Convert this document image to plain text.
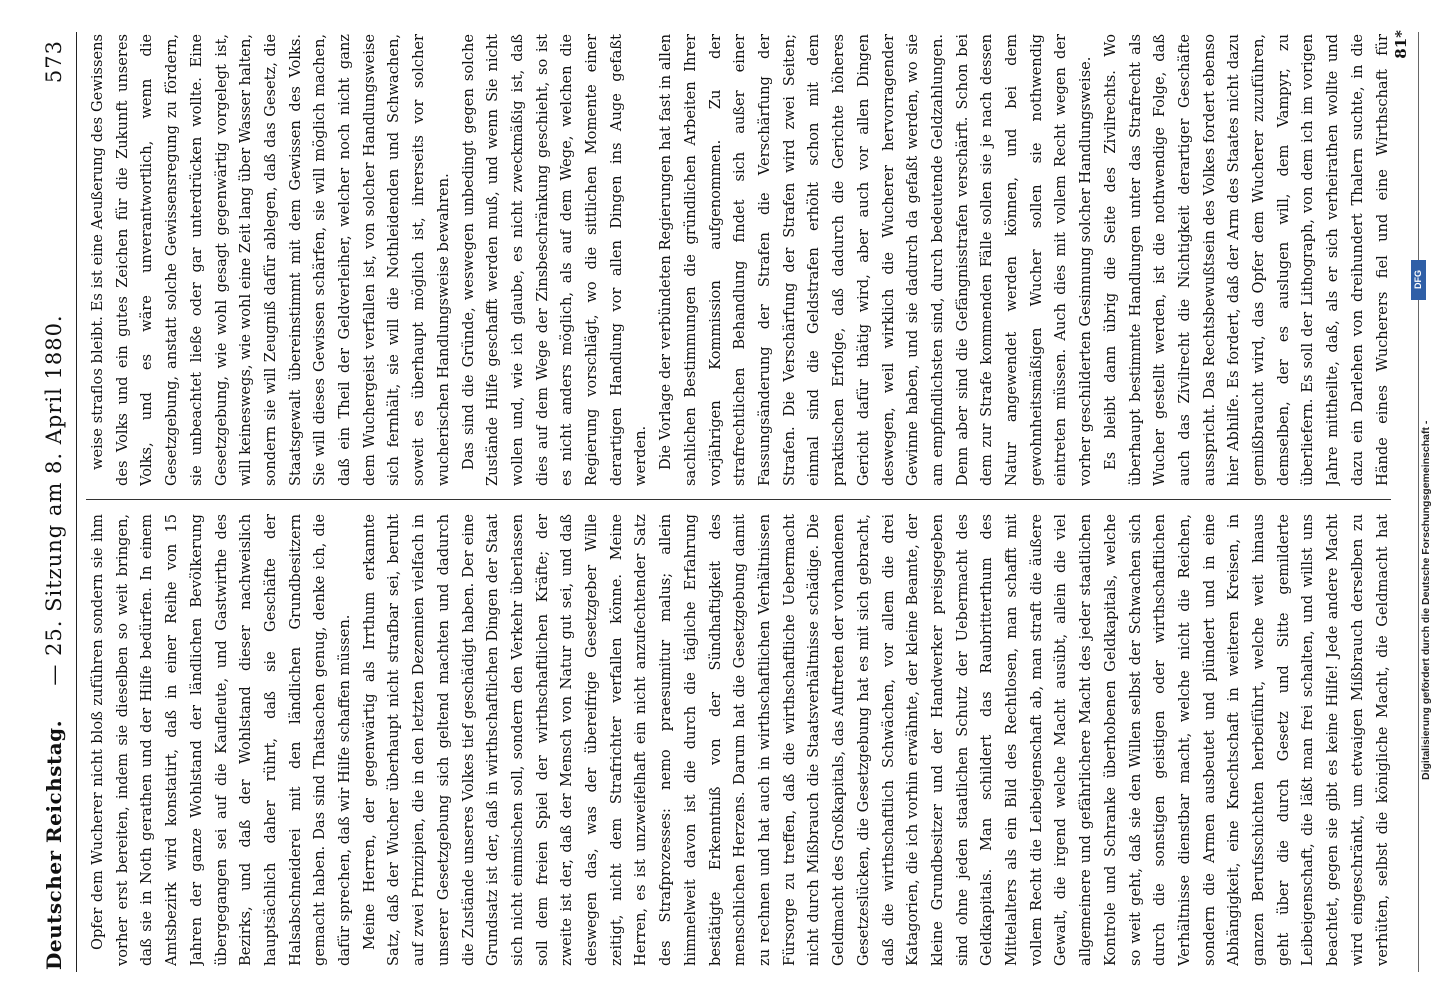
Deutscher Reichstag.
— 25. Sitzung am 8. April 1880.
573

Opfer dem Wucherer nicht bloß zuführen sondern sie ihm vorher erst bereiten, indem sie dieselben so weit bringen, daß sie in Noth gerathen und der Hilfe bedürfen. In einem Amtsbezirk wird konstatirt, daß in einer Reihe von 15 Jahren der ganze Wohlstand der ländlichen Bevölkerung übergegangen sei auf die Kaufleute, und Gastwirthe des Bezirks, und daß der Wohlstand dieser nachweislich hauptsächlich daher rührt, daß sie Geschäfte der Halsabschneiderei mit den ländlichen Grundbesitzern gemacht haben. Das sind Thatsachen genug, denke ich, die dafür sprechen, daß wir Hilfe schaffen müssen. Meine Herren, der gegenwärtig als Irrthum erkannte Satz, daß der Wucher überhaupt nicht strafbar sei, beruht auf zwei Prinzipien, die in den letzten Dezennien vielfach in unserer Gesetzgebung sich geltend machten und dadurch die Zustände unseres Volkes tief geschädigt haben. Der eine Grundsatz ist der, daß in wirthschaftlichen Dingen der Staat sich nicht einmischen soll, sondern den Verkehr überlassen soll dem freien Spiel der wirthschaftlichen Kräfte; der zweite ist der, daß der Mensch von Natur gut sei, und daß deswegen das, was der übereifrige Gesetzgeber Wille zeitigt, nicht dem Strafrichter verfallen könne. Meine Herren, es ist unzweifelhaft ein nicht anzufechtender Satz des Strafprozesses: nemo praesumitur malus; allein himmelweit davon ist die durch die tägliche Erfahrung bestätigte Erkenntniß von der Sündhaftigkeit des menschlichen Herzens. Darum hat die Gesetzgebung damit zu rechnen und hat auch in wirthschaftlichen Verhältnissen Fürsorge zu treffen, daß die wirthschaftliche Uebermacht nicht durch Mißbrauch die Staatsverhältnisse schädige. Die Geldmacht des Großkapitals, das Auftreten der vorhandenen Gesetzeslücken, die Gesetzgebung hat es mit sich gebracht, daß die wirthschaftlich Schwächen, vor allem die drei Katagorien, die ich vorhin erwähnte, der kleine Beamte, der kleine Grundbesitzer und der Handwerker preisgegeben sind ohne jeden staatlichen Schutz der Uebermacht des Geldkapitals. Man schildert das Raubritterthum des Mittelalters als ein Bild des Rechtlosen, man schafft mit vollem Recht die Leibeigenschaft ab, man straft die äußere Gewalt, die irgend welche Macht ausübt, allein die viel allgemeinere und gefährlichere Macht des jeder staatlichen Kontrole und Schranke überhobenen Geldkapitals, welche so weit geht, daß sie den Willen selbst der Schwachen sich durch die sonstigen geistigen oder wirthschaftlichen Verhältnisse dienstbar macht, welche nicht die Reichen, sondern die Armen ausbeutet und plündert und in eine Abhängigkeit, eine Knechtschaft in weiteren Kreisen, in ganzen Berufsschichten herbeiführt, welche weit hinaus geht über die durch Gesetz und Sitte gemilderte Leibeigenschaft, die läßt man frei schalten, und willst uns beachtet, gegen sie gibt es keine Hilfe! Jede andere Macht wird eingeschränkt, um etwaigen Mißbrauch derselben zu verhüten, selbst die königliche Macht, die Geldmacht hat

weise straflos bleibt. Es ist eine Aeußerung des Gewissens des Volks und ein gutes Zeichen für die Zukunft unseres Volks, und es wäre unverantwortlich, wenn die Gesetzgebung, anstatt solche Gewissensregung zu fördern, sie unbeachtet ließe oder gar unterdrücken wollte. Eine Gesetzgebung, wie wohl gesagt gegenwärtig vorgelegt ist, will keineswegs, wie wohl eine Zeit lang über Wasser halten, sondern sie will Zeugniß dafür ablegen, daß das Gesetz, die Staatsgewalt übereinstimmt mit dem Gewissen des Volks. Sie will dieses Gewissen schärfen, sie will möglich machen, daß ein Theil der Geldverleiher, welcher noch nicht ganz dem Wuchergeist verfallen ist, von solcher Handlungsweise sich fernhält, sie will die Nothleidenden und Schwachen, soweit es überhaupt möglich ist, ihrerseits vor solcher wucherischen Handlungsweise bewahren. Das sind die Gründe, weswegen unbedingt gegen solche Zustände Hilfe geschafft werden muß, und wenn Sie nicht wollen und, wie ich glaube, es nicht zweckmäßig ist, daß dies auf dem Wege der Zinsbeschränkung geschieht, so ist es nicht anders möglich, als auf dem Wege, welchen die Regierung vorschlägt, wo die sittlichen Momente einer derartigen Handlung vor allen Dingen ins Auge gefaßt werden. Die Vorlage der verbündeten Regierungen hat fast in allen sachlichen Bestimmungen die gründlichen Arbeiten Ihrer vorjährigen Kommission aufgenommen. Zu der strafrechtlichen Behandlung findet sich außer einer Fassungsänderung der Strafen die Verschärfung der Strafen. Die Verschärfung der Strafen wird zwei Seiten; einmal sind die Geldstrafen erhöht schon mit dem praktischen Erfolge, daß dadurch die Gerichte höheres Gericht dafür thätig wird, aber auch vor allen Dingen deswegen, weil wirklich die Wucherer hervorragender Gewinne haben, und sie dadurch da gefaßt werden, wo sie am empfindlichsten sind, durch bedeutende Geldzahlungen. Denn aber sind die Gefängnisstrafen verschärft. Schon bei dem zur Strafe kommenden Fälle sollen sie je nach dessen Natur angewendet werden können, und bei dem gewohnheitsmäßigen Wucher sollen sie nothwendig eintreten müssen. Auch dies mit vollem Recht wegen der vorher geschilderten Gesinnung solcher Handlungsweise. Es bleibt dann übrig die Seite des Zivilrechts. Wo überhaupt bestimmte Handlungen unter das Strafrecht als Wucher gestellt werden, ist die nothwendige Folge, daß auch das Zivilrecht die Nichtigkeit derartiger Geschäfte ausspricht. Das Rechtsbewußtsein des Volkes fordert ebenso hier Abhilfe. Es fordert, daß der Arm des Staates nicht dazu gemißbraucht wird, das Opfer dem Wucherer zuzuführen, demselben, der es auslugen will, dem Vampyr, zu überliefern. Es soll der Lithograph, von dem ich im vorigen Jahre mittheilte, daß, als er sich verheirathen wollte und dazu ein Darlehen von dreihundert Thalern suchte, in die Hände eines Wucherers fiel und eine Wirthschaft für 81*
DFG
Digitalisierung gefördert durch die Deutsche Forschungsgemeinschaft -
